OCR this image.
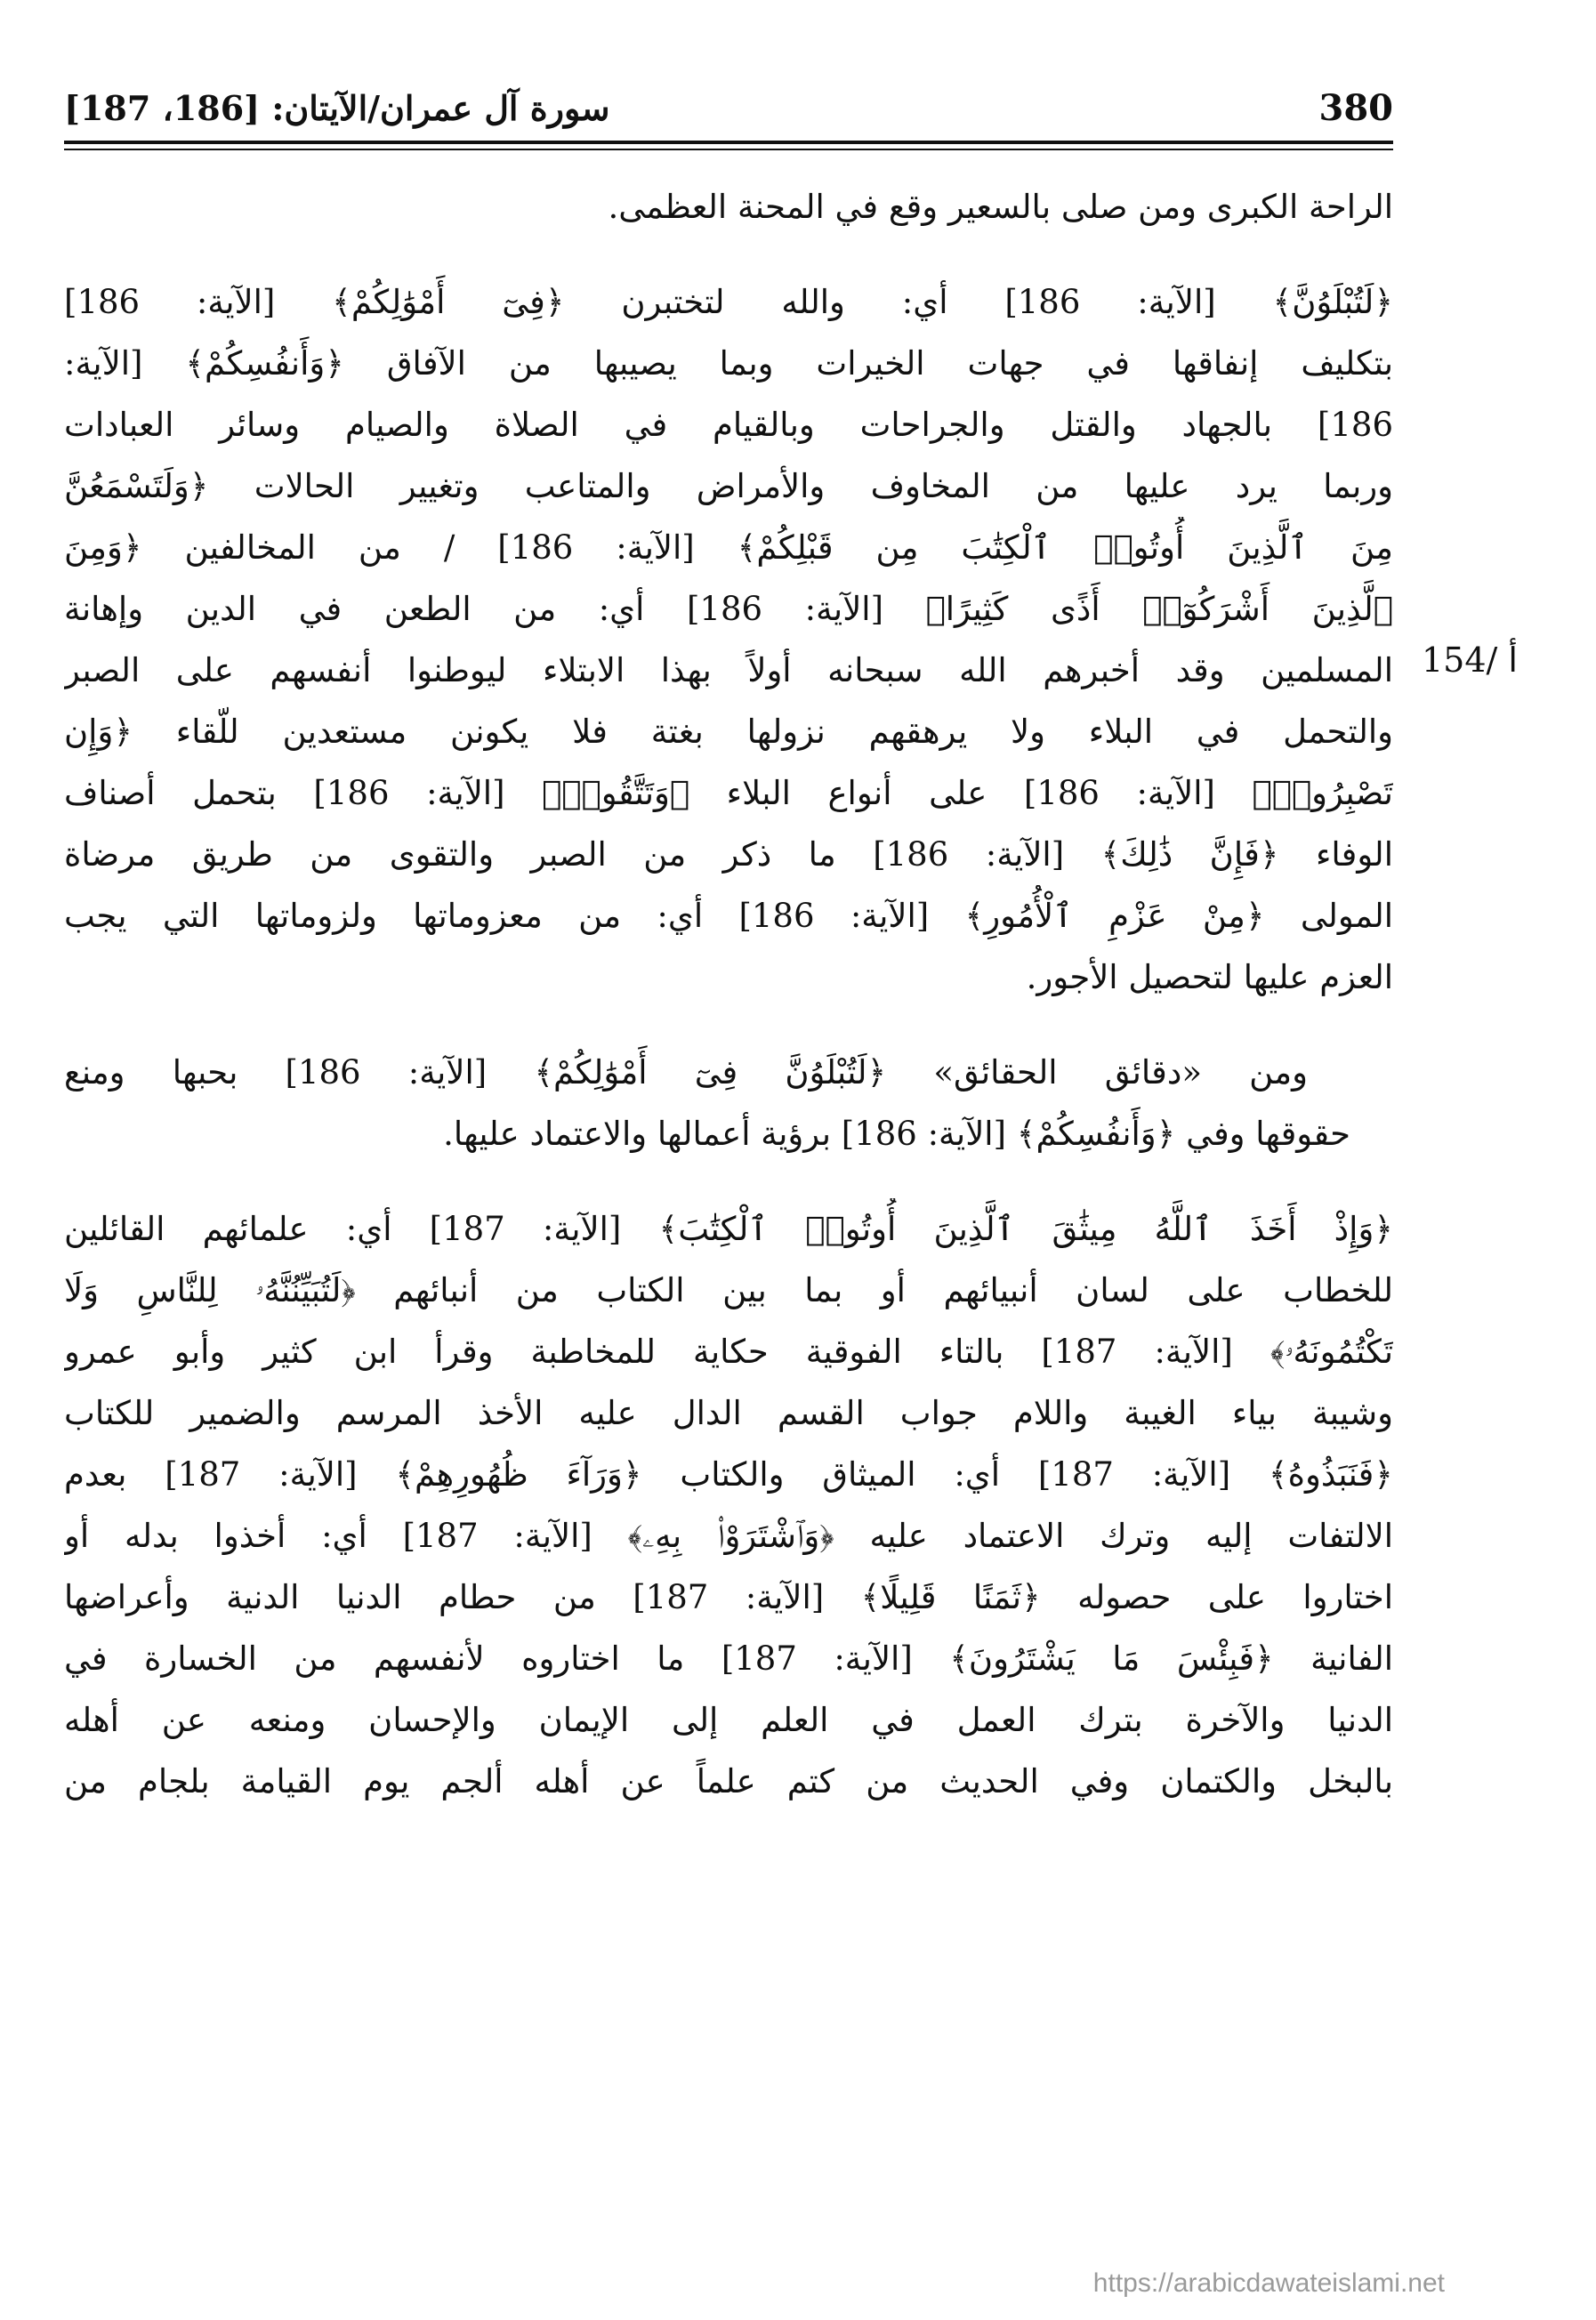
سورة آل عمران/الآيتان: [186، 187]	380
154/ أ
الراحة الكبرى ومن صلى بالسعير وقع في المحنة العظمى.
﴿لَتُبْلَوُنَّ﴾ [الآية: 186] أي: والله لتختبرن ﴿فِىٓ أَمْوَٰلِكُمْ﴾ [الآية: 186]
بتكليف إنفاقها في جهات الخيرات وبما يصيبها من الآفاق ﴿وَأَنفُسِكُمْ﴾ [الآية:
186] بالجهاد والقتل والجراحات وبالقيام في الصلاة والصيام وسائر العبادات
وربما يرد عليها من المخاوف والأمراض والمتاعب وتغيير الحالات ﴿وَلَتَسْمَعُنَّ
مِنَ ٱلَّذِينَ أُوتُوا۟ ٱلْكِتَٰبَ مِن قَبْلِكُمْ﴾ [الآية: 186] / من المخالفين ﴿وَمِنَ
ٱلَّذِينَ أَشْرَكُوٓا۟ أَذًى كَثِيرًا﴾ [الآية: 186] أي: من الطعن في الدين وإهانة
المسلمين وقد أخبرهم الله سبحانه أولاً بهذا الابتلاء ليوطنوا أنفسهم على الصبر
والتحمل في البلاء ولا يرهقهم نزولها بغتة فلا يكونن مستعدين للّقاء ﴿وَإِن
تَصْبِرُوا۟﴾ [الآية: 186] على أنواع البلاء ﴿وَتَتَّقُوا۟﴾ [الآية: 186] بتحمل أصناف
الوفاء ﴿فَإِنَّ ذَٰلِكَ﴾ [الآية: 186] ما ذكر من الصبر والتقوى من طريق مرضاة
المولى ﴿مِنْ عَزْمِ ٱلْأُمُورِ﴾ [الآية: 186] أي: من معزوماتها ولزوماتها التي يجب
العزم عليها لتحصيل الأجور.
ومن «دقائق الحقائق» ﴿لَتُبْلَوُنَّ فِىٓ أَمْوَٰلِكُمْ﴾ [الآية: 186] بحبها ومنع
حقوقها وفي ﴿وَأَنفُسِكُمْ﴾ [الآية: 186] برؤية أعمالها والاعتماد عليها.
﴿وَإِذْ أَخَذَ ٱللَّهُ مِيثَٰقَ ٱلَّذِينَ أُوتُوا۟ ٱلْكِتَٰبَ﴾ [الآية: 187] أي: علمائهم القائلين
للخطاب على لسان أنبيائهم أو بما بين الكتاب من أنبائهم ﴿لَتُبَيِّنُنَّهُۥ لِلنَّاسِ وَلَا
تَكْتُمُونَهُۥ﴾ [الآية: 187] بالتاء الفوقية حكاية للمخاطبة وقرأ ابن كثير وأبو عمرو
وشيبة بياء الغيبة واللام جواب القسم الدال عليه الأخذ المرسم والضمير للكتاب
﴿فَنَبَذُوهُ﴾ [الآية: 187] أي: الميثاق والكتاب ﴿وَرَآءَ ظُهُورِهِمْ﴾ [الآية: 187] بعدم
الالتفات إليه وترك الاعتماد عليه ﴿وَٱشْتَرَوْا۟ بِهِۦ﴾ [الآية: 187] أي: أخذوا بدله أو
اختاروا على حصوله ﴿ثَمَنًا قَلِيلًا﴾ [الآية: 187] من حطام الدنيا الدنية وأعراضها
الفانية ﴿فَبِئْسَ مَا يَشْتَرُونَ﴾ [الآية: 187] ما اختاروه لأنفسهم من الخسارة في
الدنيا والآخرة بترك العمل في العلم إلى الإيمان والإحسان ومنعه عن أهله
بالبخل والكتمان وفي الحديث من كتم علماً عن أهله ألجم يوم القيامة بلجام من
https://arabicdawateislami.net
